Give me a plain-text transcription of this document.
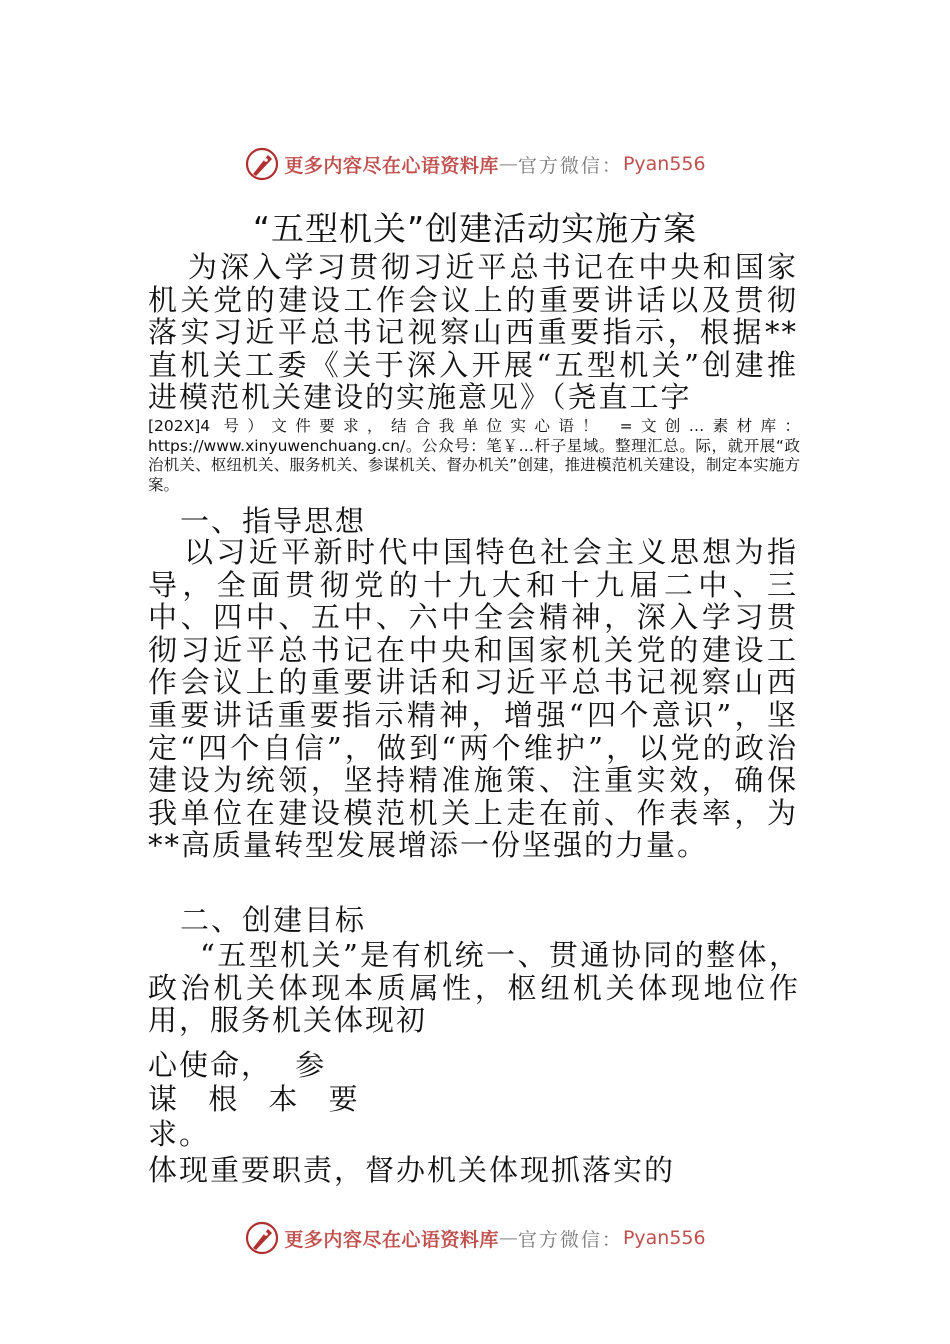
更多内容尽在心语资料库 — 官方微信： Pyan556
“五型机关”创建活动实施方案

为深入学习贯彻习近平总书记在中央和国家机关党的建设工作会议上的重要讲话以及贯彻落实习近平总书记视察山西重要指示，根据**直机关工委《关于深入开展“五型机关”创建推进模范机关建设的实施意见》（尧直工字

[202X]4 号）文件要求，结合我单位实心语！ =文创…素材库： https://www.xinyuwenchuang.cn/。公众号：笔￥…杆子星域。整理汇总。际，就开展“政治机关、枢纽机关、服务机关、参谋机关、督办机关”创建，推进模范机关建设，制定本实施方案。

一、指导思想

以习近平新时代中国特色社会主义思想为指导，全面贯彻党的十九大和十九届二中、三中、四中、五中、六中全会精神，深入学习贯彻习近平总书记在中央和国家机关党的建设工作会议上的重要讲话和习近平总书记视察山西重要讲话重要指示精神，增强“四个意识”，坚定“四个自信”，做到“两个维护”，以党的政治建设为统领，坚持精准施策、注重实效，确保我单位在建设模范机关上走在前、作表率，为**高质量转型发展增添一份坚强的力量。

二、创建目标

“五型机关”是有机统一、贯通协同的整体，政治机关体现本质属性，枢纽机关体现地位作用，服务机关体现初

心使命， 参

谋 根 本 要

求。

体现重要职责，督办机关体现抓落实的

更多内容尽在心语资料库 — 官方微信： Pyan556
